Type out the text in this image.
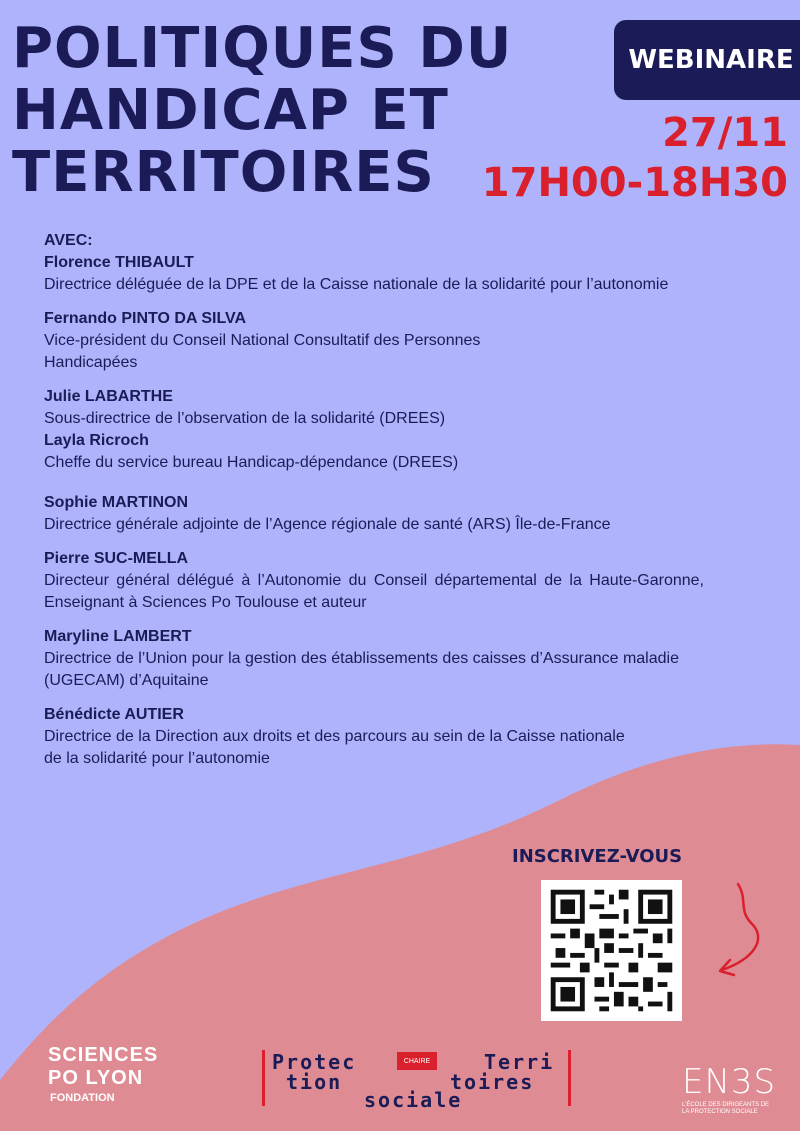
POLITIQUES DU
HANDICAP ET
TERRITOIRES
WEBINAIRE
27/11
17H00-18H30
AVEC:
Florence THIBAULT
Directrice déléguée de la DPE et de la Caisse nationale de la solidarité pour l’autonomie
Fernando PINTO DA SILVA
Vice-président du Conseil National Consultatif des Personnes Handicapées
Julie LABARTHE
Sous-directrice de l’observation de la solidarité (DREES)
Layla Ricroch
Cheffe du service bureau Handicap-dépendance (DREES)
Sophie MARTINON
Directrice générale adjointe de l’Agence régionale de santé (ARS) Île-de-France
Pierre SUC-MELLA
Directeur général délégué à l’Autonomie du Conseil départemental de la Haute-Garonne, Enseignant à Sciences Po Toulouse et auteur
Maryline LAMBERT
Directrice de l’Union pour la gestion des établissements des caisses d’Assurance maladie (UGECAM) d’Aquitaine
Bénédicte AUTIER
Directrice de la Direction aux droits et des parcours au sein de la Caisse nationale de la solidarité pour l’autonomie
INSCRIVEZ-VOUS
SCIENCES
PO LYON
FONDATION
Protec	CHAIRE	Terri
tion	toires
sociale	EN3S
L’ÉCOLE DES DIRIGEANTS DE LA PROTECTION SOCIALE
